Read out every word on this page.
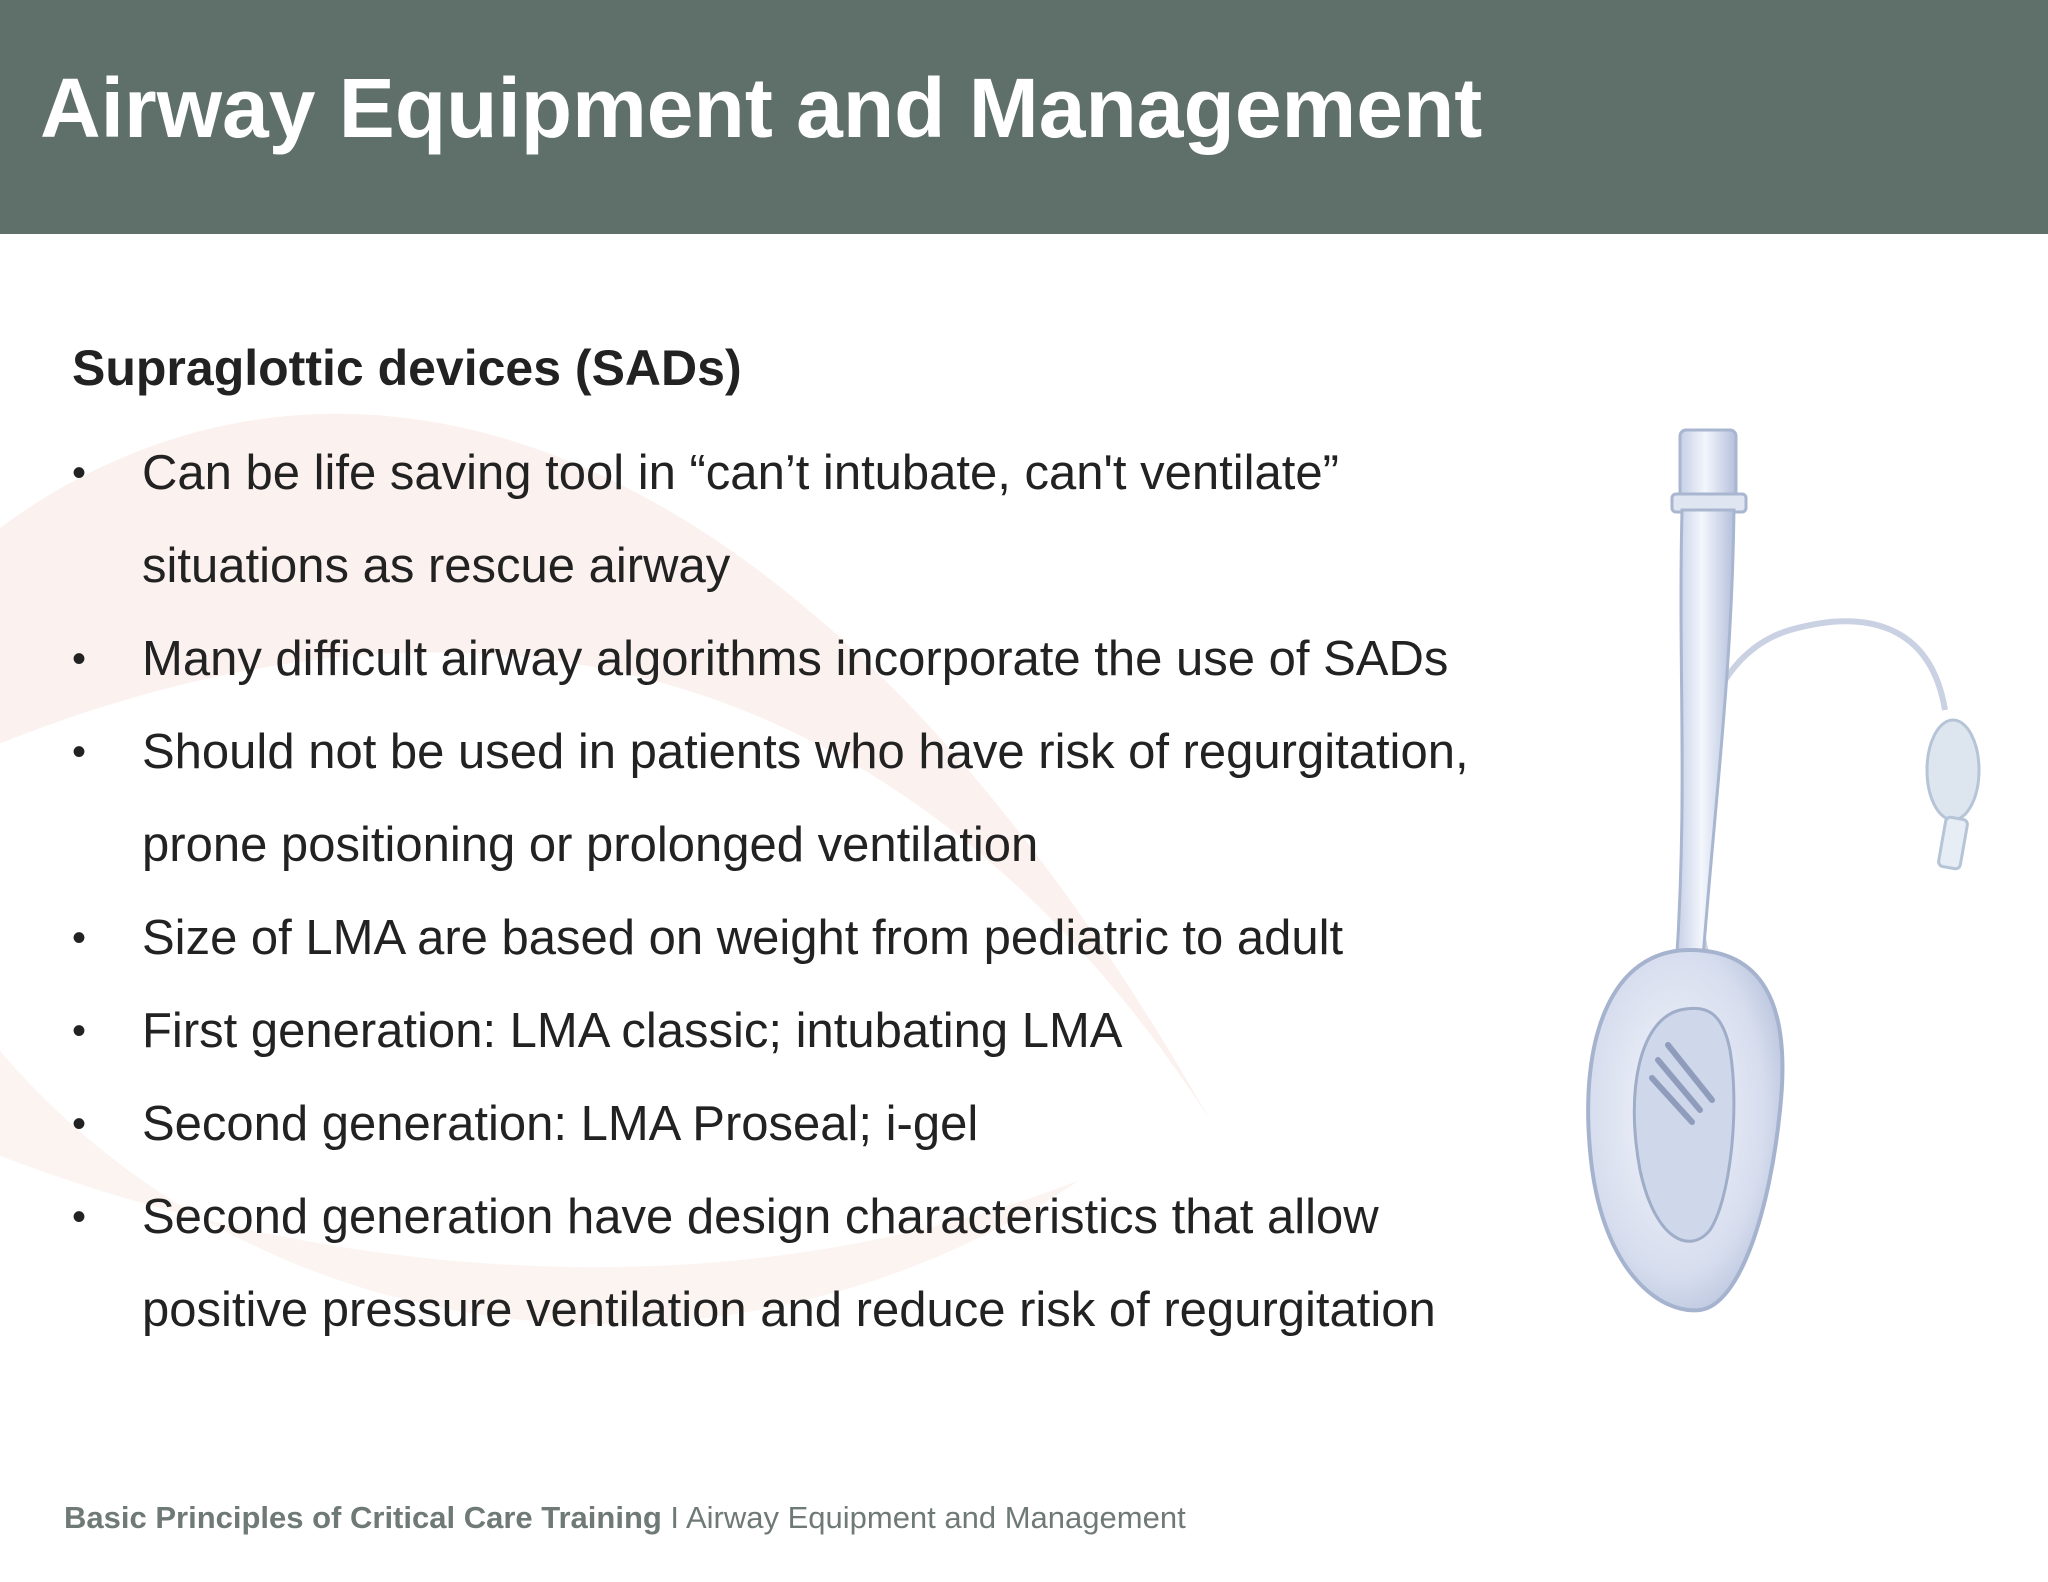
Airway Equipment and Management
Supraglottic devices (SADs)
•	Can be life saving tool in “can’t intubate, can't ventilate” situations as rescue airway
•	Many difficult airway algorithms incorporate the use of SADs
•	Should not be used in patients who have risk of regurgitation, prone positioning or prolonged ventilation
•	Size of LMA are based on weight from pediatric to adult
•	First generation: LMA classic; intubating LMA
•	Second generation: LMA Proseal; i-gel
•	Second generation have design characteristics that allow positive pressure ventilation and reduce risk of regurgitation

Basic Principles of Critical Care Training I Airway Equipment and Management
